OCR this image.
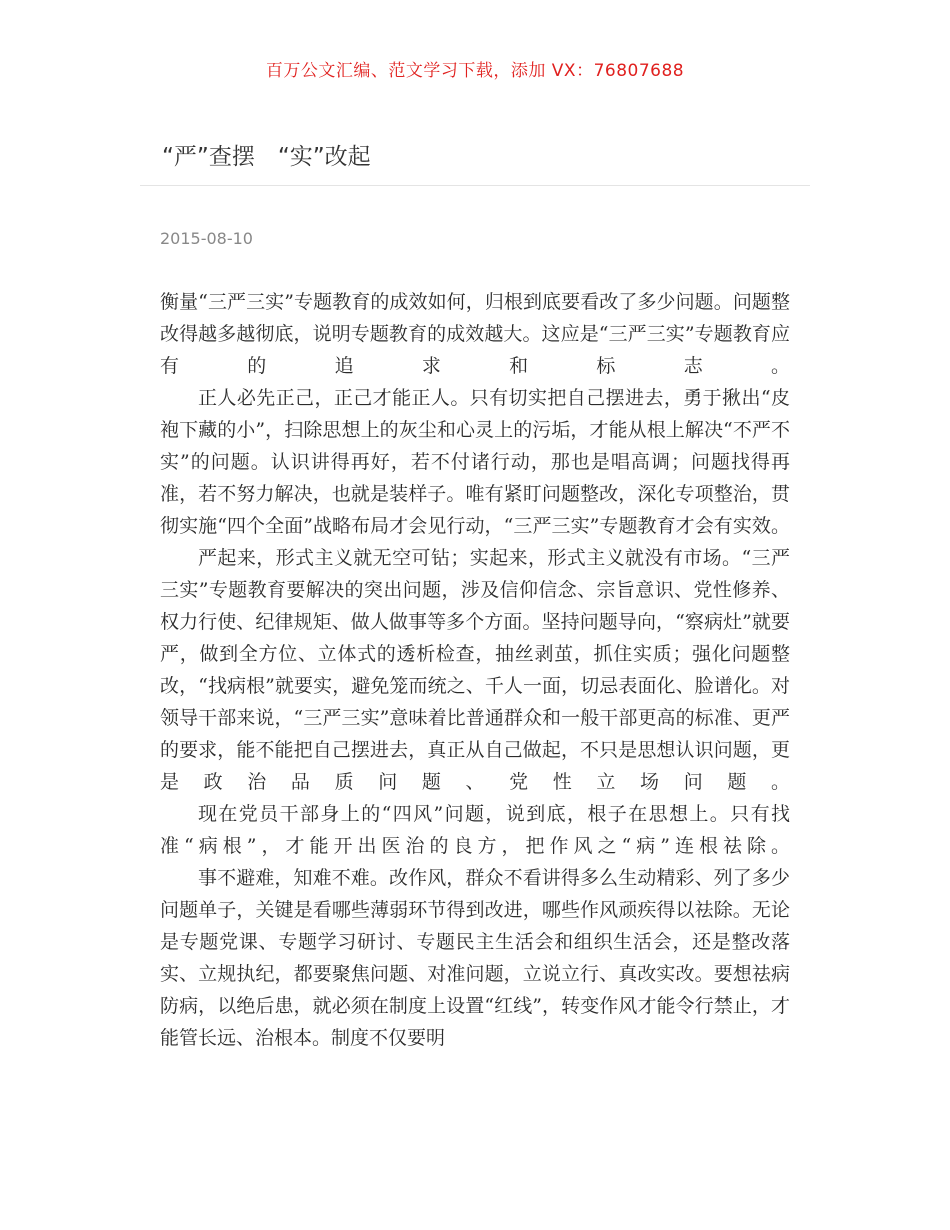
百万公文汇编、范文学习下载，添加 VX：76807688
“严”查摆　“实”改起
2015-08-10

衡量“三严三实”专题教育的成效如何，归根到底要看改了多少问题。问题整改得越多越彻底，说明专题教育的成效越大。这应是“三严三实”专题教育应有的追求和标志。

正人必先正己，正己才能正人。只有切实把自己摆进去，勇于揪出“皮袍下藏的小”，扫除思想上的灰尘和心灵上的污垢，才能从根上解决“不严不实”的问题。认识讲得再好，若不付诸行动，那也是唱高调；问题找得再准，若不努力解决，也就是装样子。唯有紧盯问题整改，深化专项整治，贯彻实施“四个全面”战略布局才会见行动，“三严三实”专题教育才会有实效。

严起来，形式主义就无空可钻；实起来，形式主义就没有市场。“三严三实”专题教育要解决的突出问题，涉及信仰信念、宗旨意识、党性修养、权力行使、纪律规矩、做人做事等多个方面。坚持问题导向，“察病灶”就要严，做到全方位、立体式的透析检查，抽丝剥茧，抓住实质；强化问题整改，“找病根”就要实，避免笼而统之、千人一面，切忌表面化、脸谱化。对领导干部来说，“三严三实”意味着比普通群众和一般干部更高的标准、更严的要求，能不能把自己摆进去，真正从自己做起，不只是思想认识问题，更是政治品质问题、党性立场问题。

现在党员干部身上的“四风”问题，说到底，根子在思想上。只有找准“病根”，才能开出医治的良方，把作风之“病”连根祛除。

事不避难，知难不难。改作风，群众不看讲得多么生动精彩、列了多少问题单子，关键是看哪些薄弱环节得到改进，哪些作风顽疾得以祛除。无论是专题党课、专题学习研讨、专题民主生活会和组织生活会，还是整改落实、立规执纪，都要聚焦问题、对准问题，立说立行、真改实改。要想祛病防病，以绝后患，就必须在制度上设置“红线”，转变作风才能令行禁止，才能管长远、治根本。制度不仅要明
